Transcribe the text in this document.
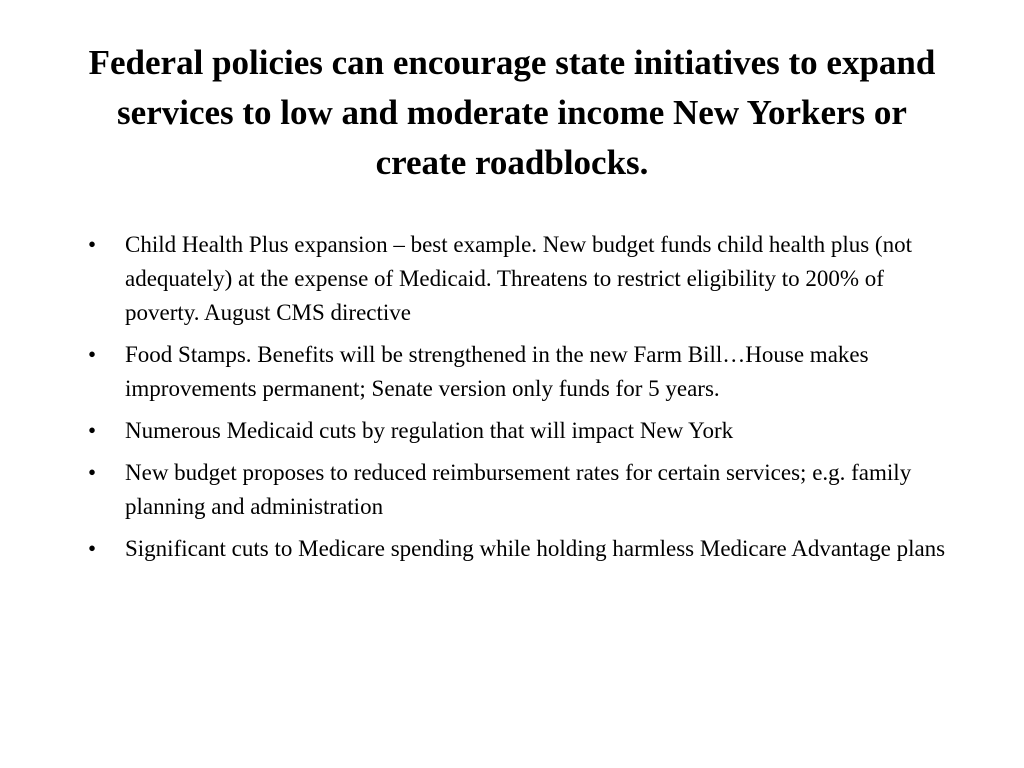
Federal policies can encourage state initiatives to expand services to low and moderate income New Yorkers or create roadblocks.
• Child Health Plus expansion – best example. New budget funds child health plus (not adequately) at the expense of Medicaid. Threatens to restrict eligibility to 200% of poverty. August CMS directive
• Food Stamps. Benefits will be strengthened in the new Farm Bill…House makes improvements permanent; Senate version only funds for 5 years.
• Numerous Medicaid cuts by regulation that will impact New York
• New budget proposes to reduced reimbursement rates for certain services; e.g. family planning and administration
• Significant cuts to Medicare spending while holding harmless Medicare Advantage plans
